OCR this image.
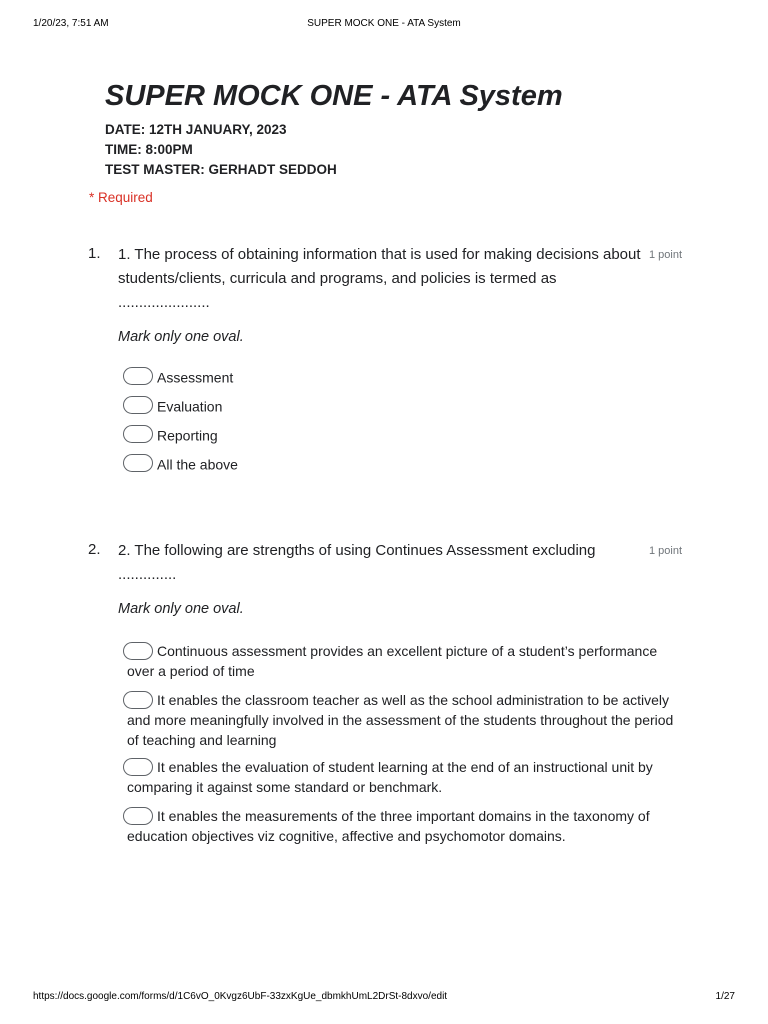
1/20/23, 7:51 AM	SUPER MOCK ONE - ATA System
SUPER MOCK ONE - ATA System
DATE: 12TH JANUARY, 2023
TIME: 8:00PM
TEST MASTER: GERHADT SEDDOH
* Required
1. 1. The process of obtaining information that is used for making decisions about students/clients, curricula and programs, and policies is termed as ......................
1 point
Mark only one oval.
Assessment
Evaluation
Reporting
All the above
2. 2. The following are strengths of using Continues Assessment excluding ..............
1 point
Mark only one oval.
Continuous assessment provides an excellent picture of a student’s performance over a period of time
It enables the classroom teacher as well as the school administration to be actively and more meaningfully involved in the assessment of the students throughout the period of teaching and learning
It enables the evaluation of student learning at the end of an instructional unit by comparing it against some standard or benchmark.
It enables the measurements of the three important domains in the taxonomy of education objectives viz cognitive, affective and psychomotor domains.
https://docs.google.com/forms/d/1C6vO_0Kvgz6UbF-33zxKgUe_dbmkhUmL2DrSt-8dxvo/edit	1/27
